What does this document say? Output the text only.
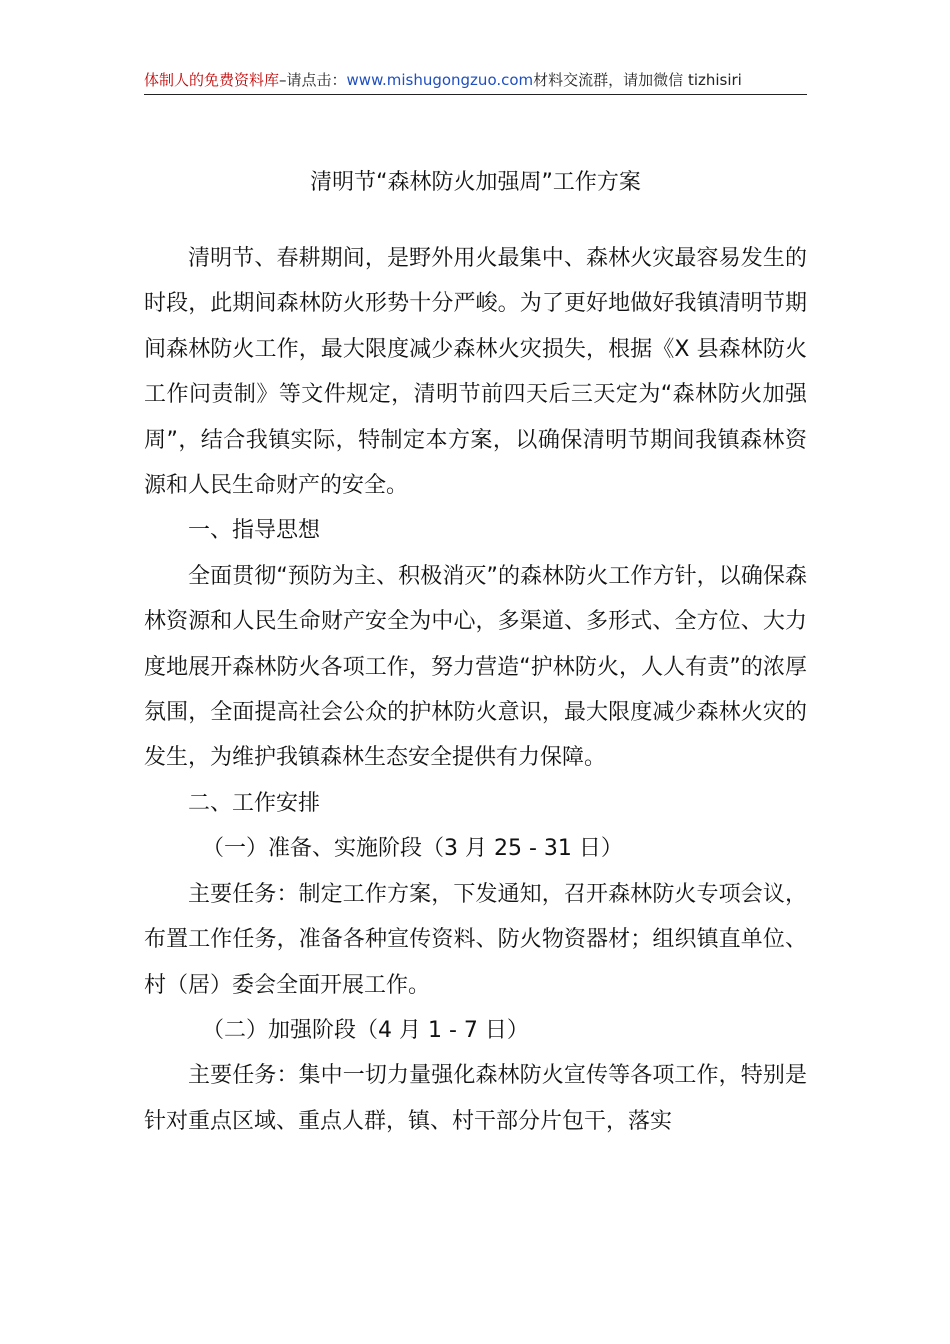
体制人的免费资料库–请点击：www.mishugongzuo.com材料交流群，请加微信 tizhisiri
清明节“森林防火加强周”工作方案

清明节、春耕期间，是野外用火最集中、森林火灾最容易发生的时段，此期间森林防火形势十分严峻。为了更好地做好我镇清明节期间森林防火工作，最大限度减少森林火灾损失，根据《X 县森林防火工作问责制》等文件规定，清明节前四天后三天定为“森林防火加强周”，结合我镇实际，特制定本方案，以确保清明节期间我镇森林资源和人民生命财产的安全。

一、指导思想

全面贯彻“预防为主、积极消灭”的森林防火工作方针，以确保森林资源和人民生命财产安全为中心，多渠道、多形式、全方位、大力度地展开森林防火各项工作，努力营造“护林防火，人人有责”的浓厚氛围，全面提高社会公众的护林防火意识，最大限度减少森林火灾的发生，为维护我镇森林生态安全提供有力保障。

二、工作安排

（一）准备、实施阶段（3 月 25 - 31 日）

主要任务：制定工作方案，下发通知，召开森林防火专项会议，布置工作任务，准备各种宣传资料、防火物资器材；组织镇直单位、村（居）委会全面开展工作。

（二）加强阶段（4 月 1 - 7 日）

主要任务：集中一切力量强化森林防火宣传等各项工作，特别是针对重点区域、重点人群，镇、村干部分片包干，落实
